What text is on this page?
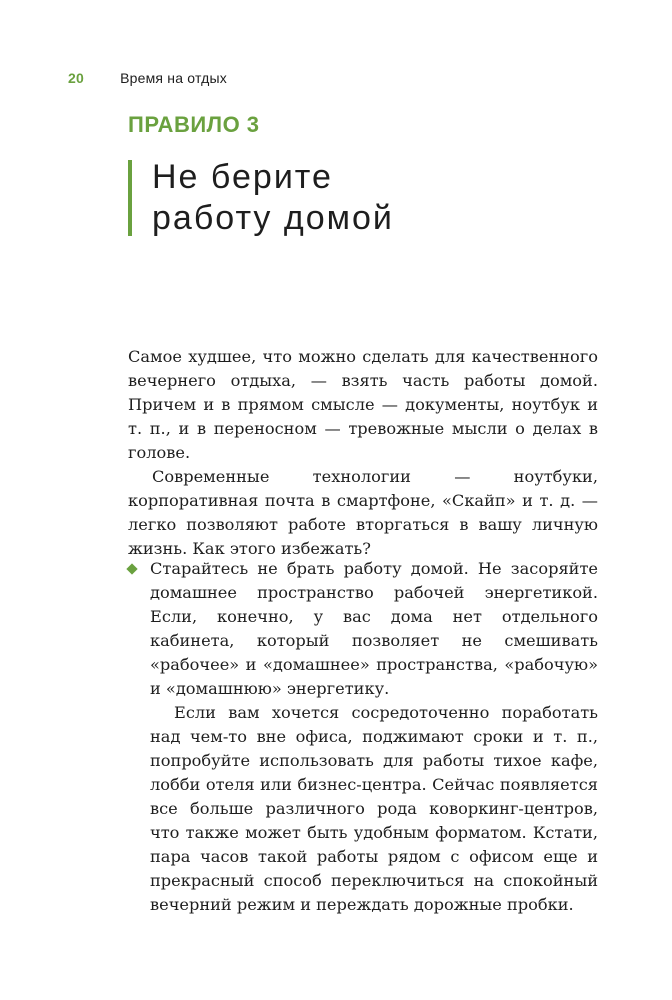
20	Время на отдых
ПРАВИЛО 3
Не берите
работу домой

Самое худшее, что можно сделать для качественного вечернего отдыха, — взять часть работы домой. Причем и в прямом смысле — документы, ноутбук и т. п., и в переносном — тревожные мысли о делах в голове.

Современные технологии — ноутбуки, корпоративная почта в смартфоне, «Скайп» и т. д. — легко позволяют работе вторгаться в вашу личную жизнь. Как этого избежать?

Старайтесь не брать работу домой. Не засоряйте домашнее пространство рабочей энергетикой. Если, конечно, у вас дома нет отдельного кабинета, который позволяет не смешивать «рабочее» и «домашнее» пространства, «рабочую» и «домашнюю» энергетику.

Если вам хочется сосредоточенно поработать над чем-то вне офиса, поджимают сроки и т. п., попробуйте использовать для работы тихое кафе, лобби отеля или бизнес-центра. Сейчас появляется все больше различного рода коворкинг-центров, что также может быть удобным форматом. Кстати, пара часов такой работы рядом с офисом еще и прекрасный способ переключиться на спокойный вечерний режим и переждать дорожные пробки.
